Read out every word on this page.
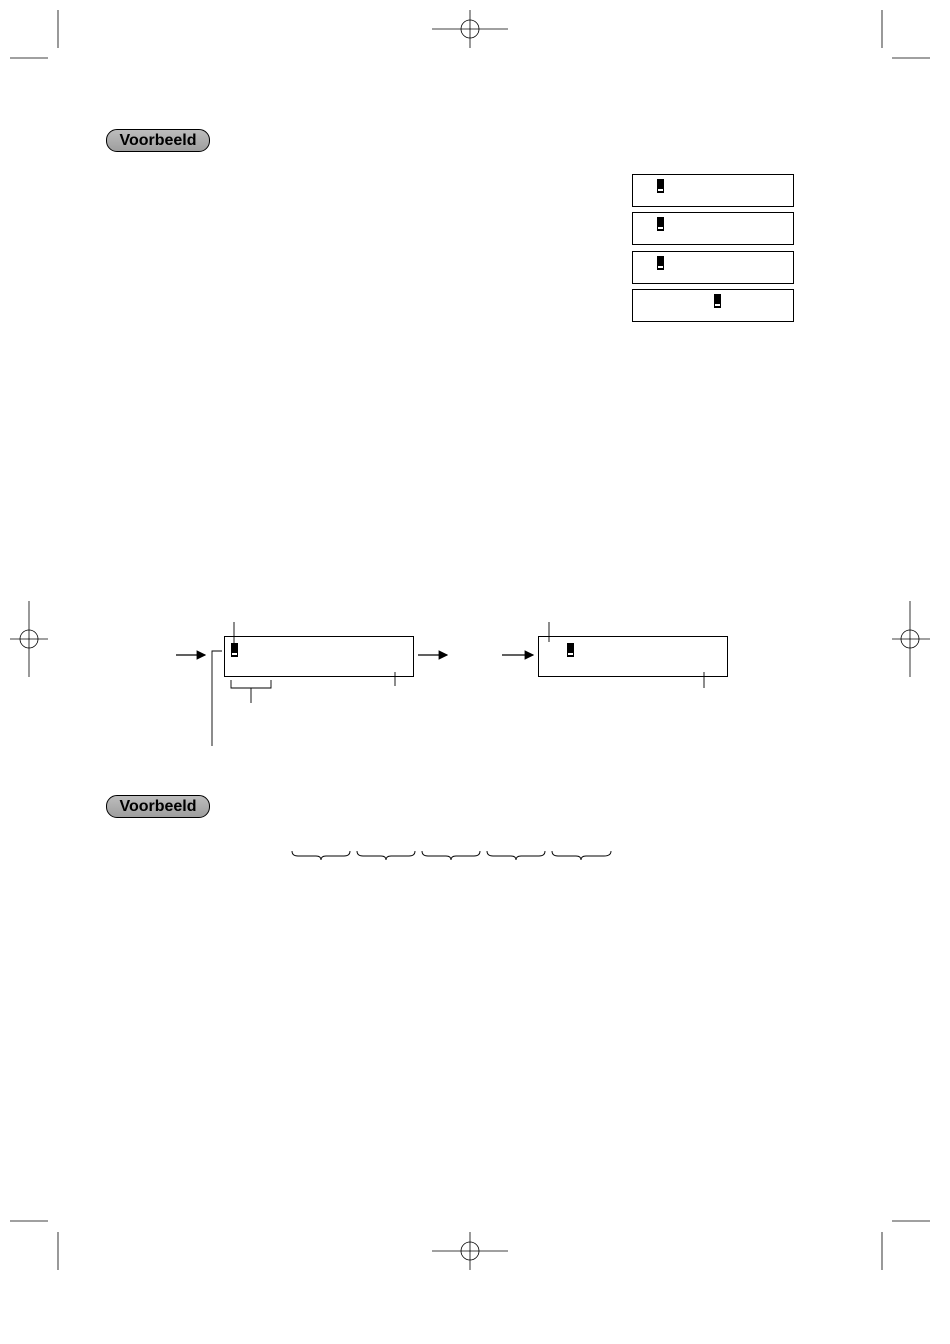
Voorbeeld
Voorbeeld
